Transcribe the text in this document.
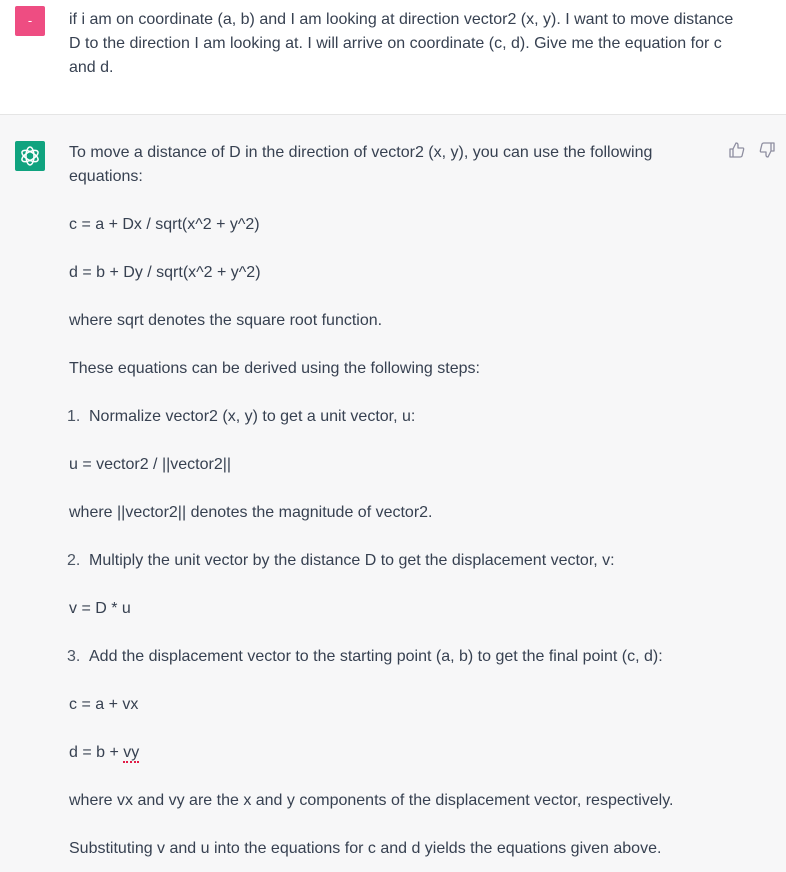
-	if i am on coordinate (a, b) and I am looking at direction vector2 (x, y). I want to move distance D to the direction I am looking at. I will arrive on coordinate (c, d). Give me the equation for c and d.

To move a distance of D in the direction of vector2 (x, y), you can use the following equations:

c = a + Dx / sqrt(x^2 + y^2)

d = b + Dy / sqrt(x^2 + y^2)

where sqrt denotes the square root function.

These equations can be derived using the following steps:

1. Normalize vector2 (x, y) to get a unit vector, u:

u = vector2 / ||vector2||

where ||vector2|| denotes the magnitude of vector2.

2. Multiply the unit vector by the distance D to get the displacement vector, v:

v = D * u

3. Add the displacement vector to the starting point (a, b) to get the final point (c, d):

c = a + vx

d = b + vy

where vx and vy are the x and y components of the displacement vector, respectively.

Substituting v and u into the equations for c and d yields the equations given above.
